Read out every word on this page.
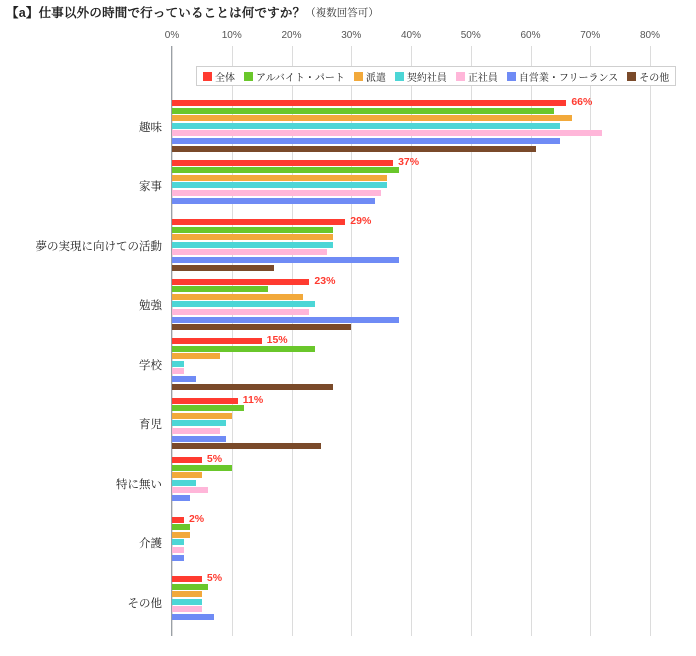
【a】 仕事以外の時間で行っていることは何ですか？ （複数回答可）
0%	10%	20%	30%	40%	50%	60%	70%	80%
趣味
66%
家事
37%
夢の実現に向けての活動
29%
勉強
23%
学校
15%
育児
11%
特に無い
5%
介護
2%
その他
5%
全体 アルバイト・パート 派遣 契約社員 正社員 自営業・フリーランス その他
